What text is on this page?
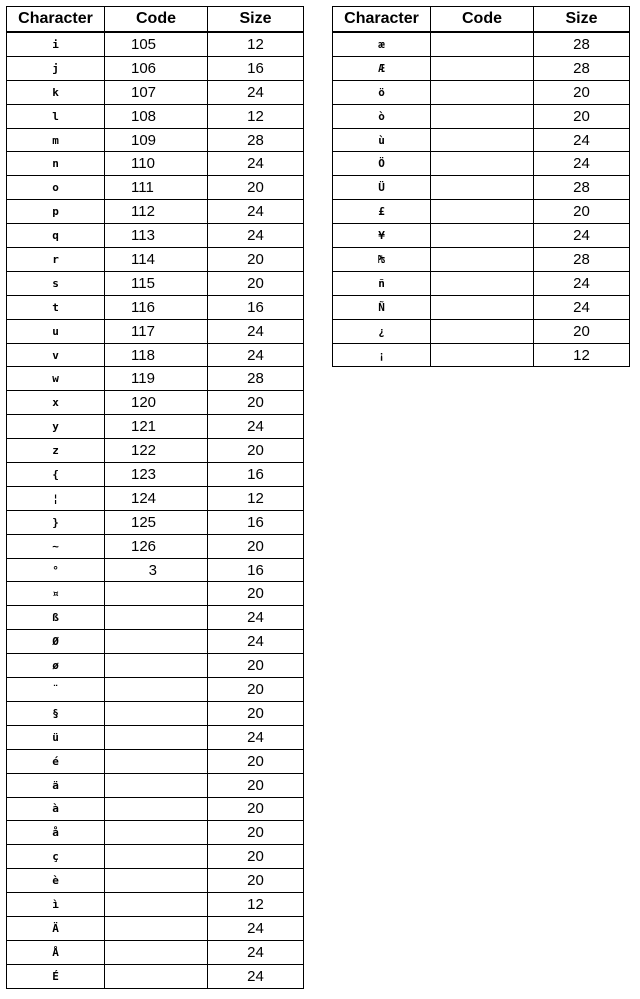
Character	Code	Size
i	105	12
j	106	16
k	107	24
l	108	12
m	109	28
n	110	24
o	111	20
p	112	24
q	113	24
r	114	20
s	115	20
t	116	16
u	117	24
v	118	24
w	119	28
x	120	20
y	121	24
z	122	20
{	123	16
¦	124	12
}	125	16
~	126	20
°	3	16
¤		20
ß		24
Ø		24
ø		20
¨		20
§		20
ü		24
é		20
ä		20
à		20
å		20
ç		20
è		20
ì		12
Ä		24
Å		24
É		24
Character	Code	Size
æ		28
Æ		28
ö		20
ò		20
ù		24
Ö		24
Ü		28
£		20
¥		24
₧		28
ñ		24
Ñ		24
¿		20
¡		12
